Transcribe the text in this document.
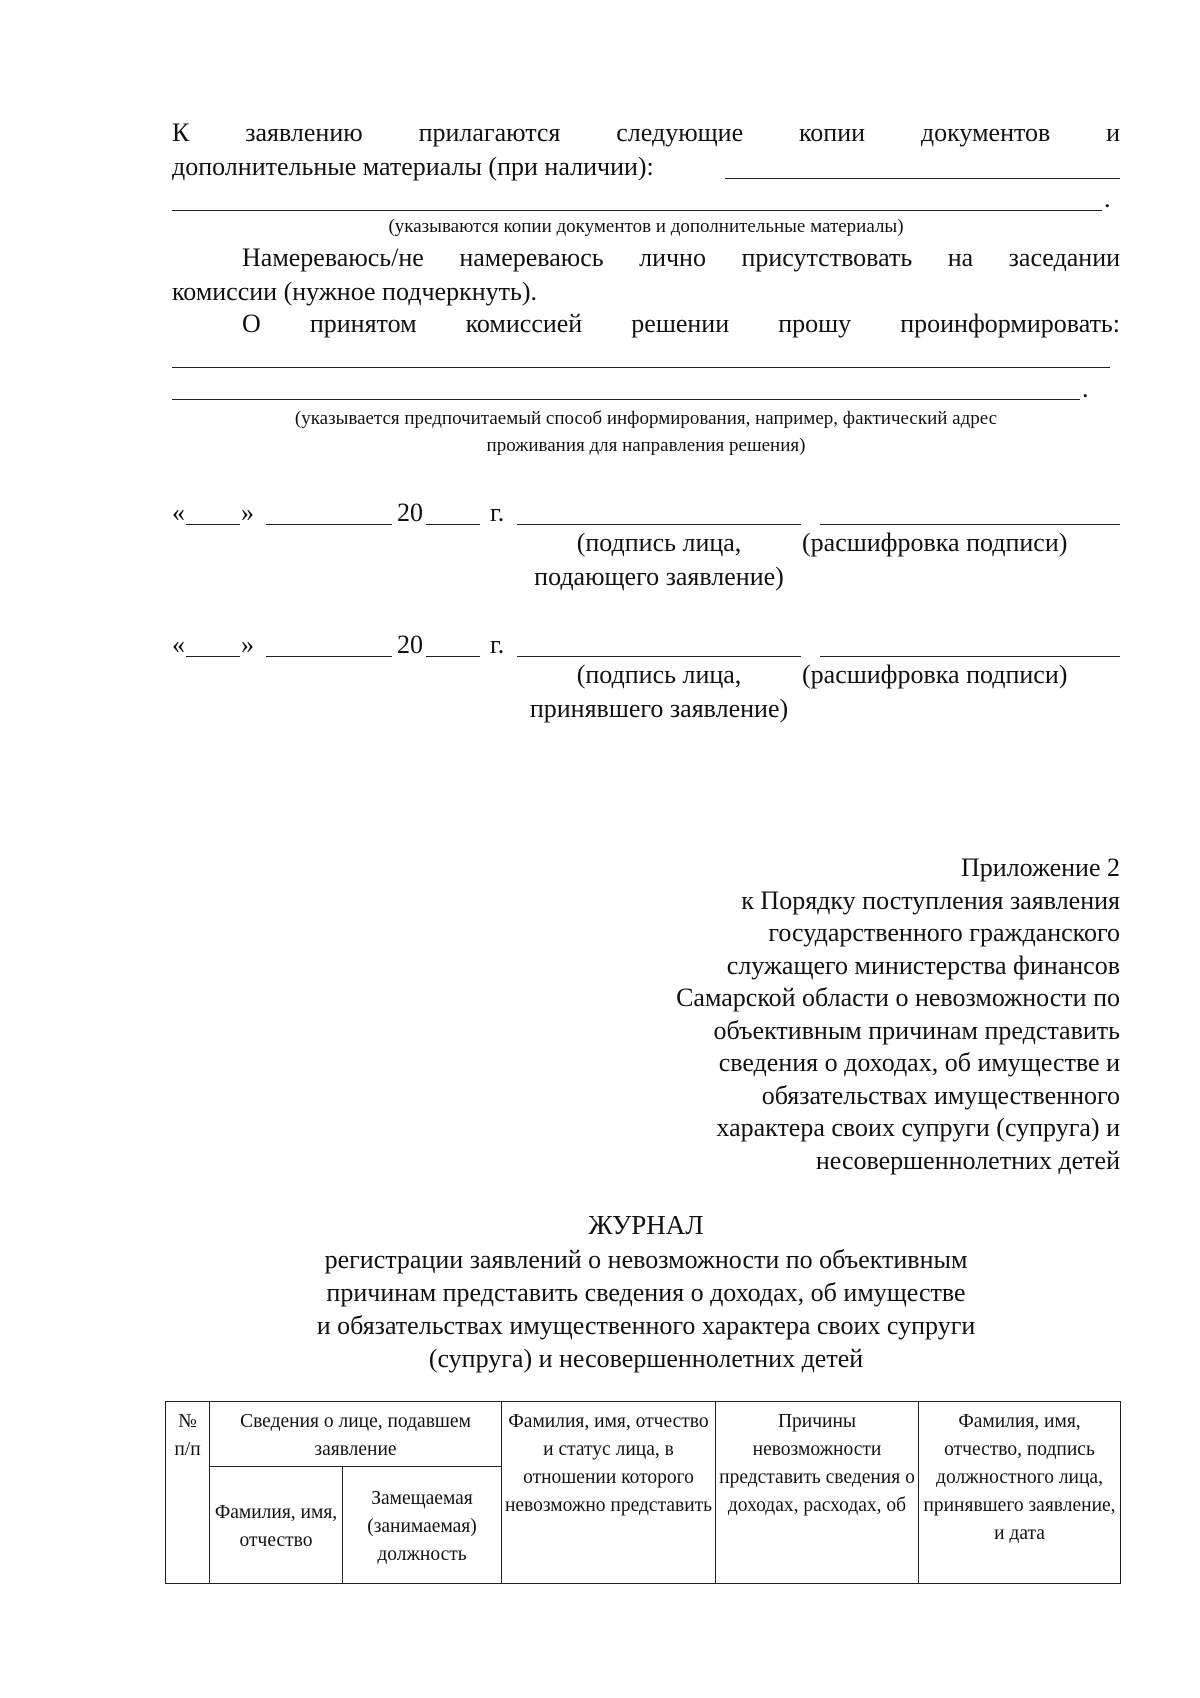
К заявлению прилагаются следующие копии документов и
дополнительные материалы (при наличии):
.
(указываются копии документов и дополнительные материалы)
Намереваюсь/не намереваюсь лично присутствовать на заседании
комиссии (нужное подчеркнуть).
О принятом комиссией решении прошу проинформировать:
.
(указывается предпочитаемый способ информирования, например, фактический адрес
проживания для направления решения)
« »	20	г.
(подпись лица,
подающего заявление)
(расшифровка подписи)
« »	20	г.
(подпись лица,
принявшего заявление)
(расшифровка подписи)
Приложение 2
к Порядку поступления заявления
государственного гражданского
служащего министерства финансов
Самарской области о невозможности по
объективным причинам представить
сведения о доходах, об имуществе и
обязательствах имущественного
характера своих супруги (супруга) и
несовершеннолетних детей
ЖУРНАЛ
регистрации заявлений о невозможности по объективным
причинам представить сведения о доходах, об имуществе
и обязательствах имущественного характера своих супруги
(супруга) и несовершеннолетних детей
№ п/п	Сведения о лице, подавшем заявление		Фамилия, имя, отчество и статус лица, в отношении которого невозможно представить	Причины невозможности представить сведения о доходах, расходах, об	Фамилия, имя, отчество, подпись должностного лица, принявшего заявление, и дата
	Фамилия, имя, отчество	Замещаемая (занимаемая) должность			
